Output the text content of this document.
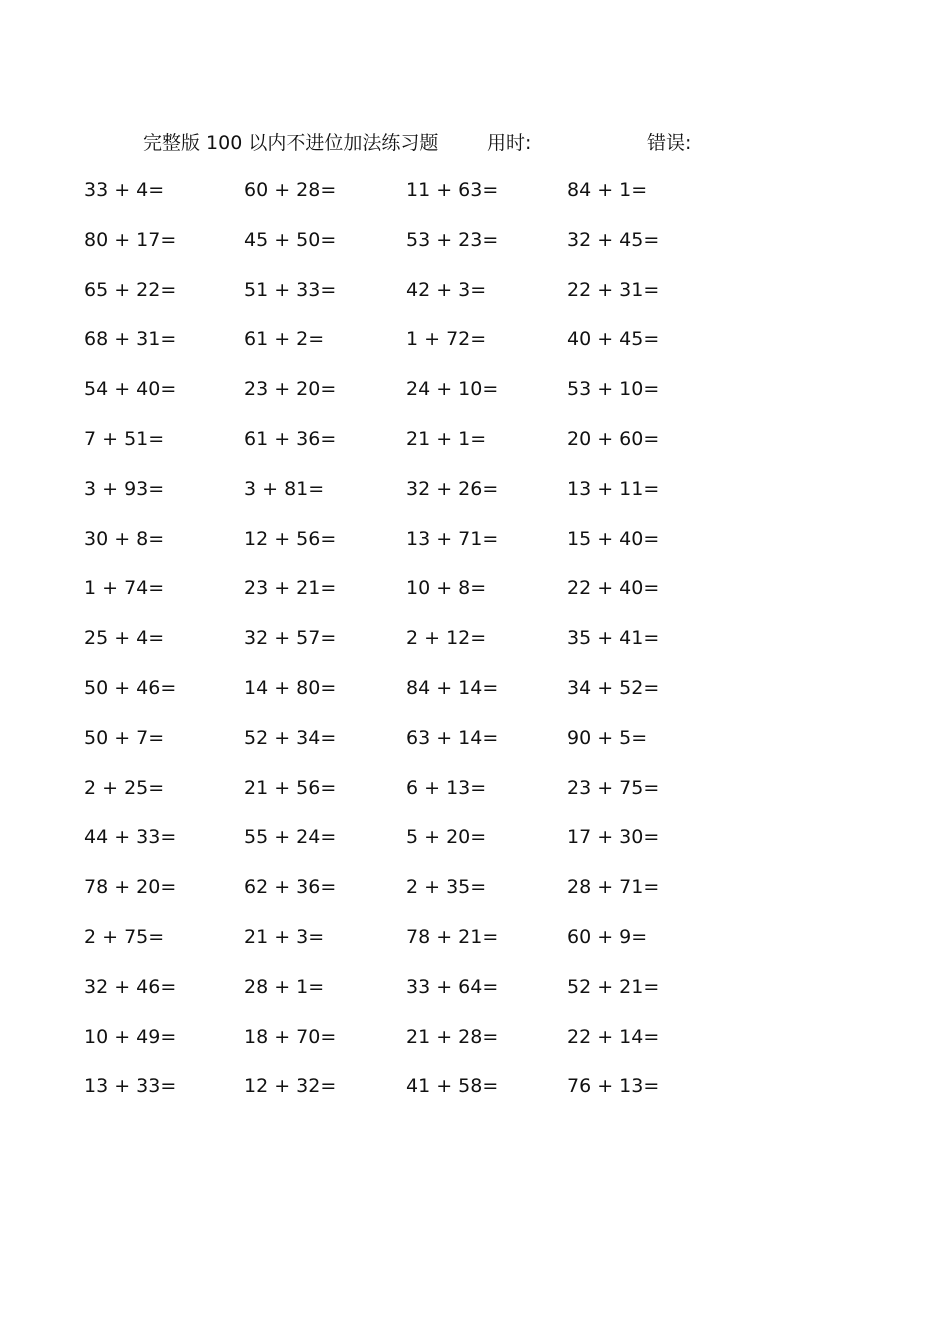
完整版 100 以内不进位加法练习题	用时:	错误:
33 + 4=
80 + 17=
65 + 22=
68 + 31=
54 + 40=
7 + 51=
3 + 93=
30 + 8=
1 + 74=
25 + 4=
50 + 46=
50 + 7=
2 + 25=
44 + 33=
78 + 20=
2 + 75=
32 + 46=
10 + 49=
13 + 33=
60 + 28=
45 + 50=
51 + 33=
61 + 2=
23 + 20=
61 + 36=
3 + 81=
12 + 56=
23 + 21=
32 + 57=
14 + 80=
52 + 34=
21 + 56=
55 + 24=
62 + 36=
21 + 3=
28 + 1=
18 + 70=
12 + 32=
11 + 63=
53 + 23=
42 + 3=
1 + 72=
24 + 10=
21 + 1=
32 + 26=
13 + 71=
10 + 8=
2 + 12=
84 + 14=
63 + 14=
6 + 13=
5 + 20=
2 + 35=
78 + 21=
33 + 64=
21 + 28=
41 + 58=
84 + 1=
32 + 45=
22 + 31=
40 + 45=
53 + 10=
20 + 60=
13 + 11=
15 + 40=
22 + 40=
35 + 41=
34 + 52=
90 + 5=
23 + 75=
17 + 30=
28 + 71=
60 + 9=
52 + 21=
22 + 14=
76 + 13=
